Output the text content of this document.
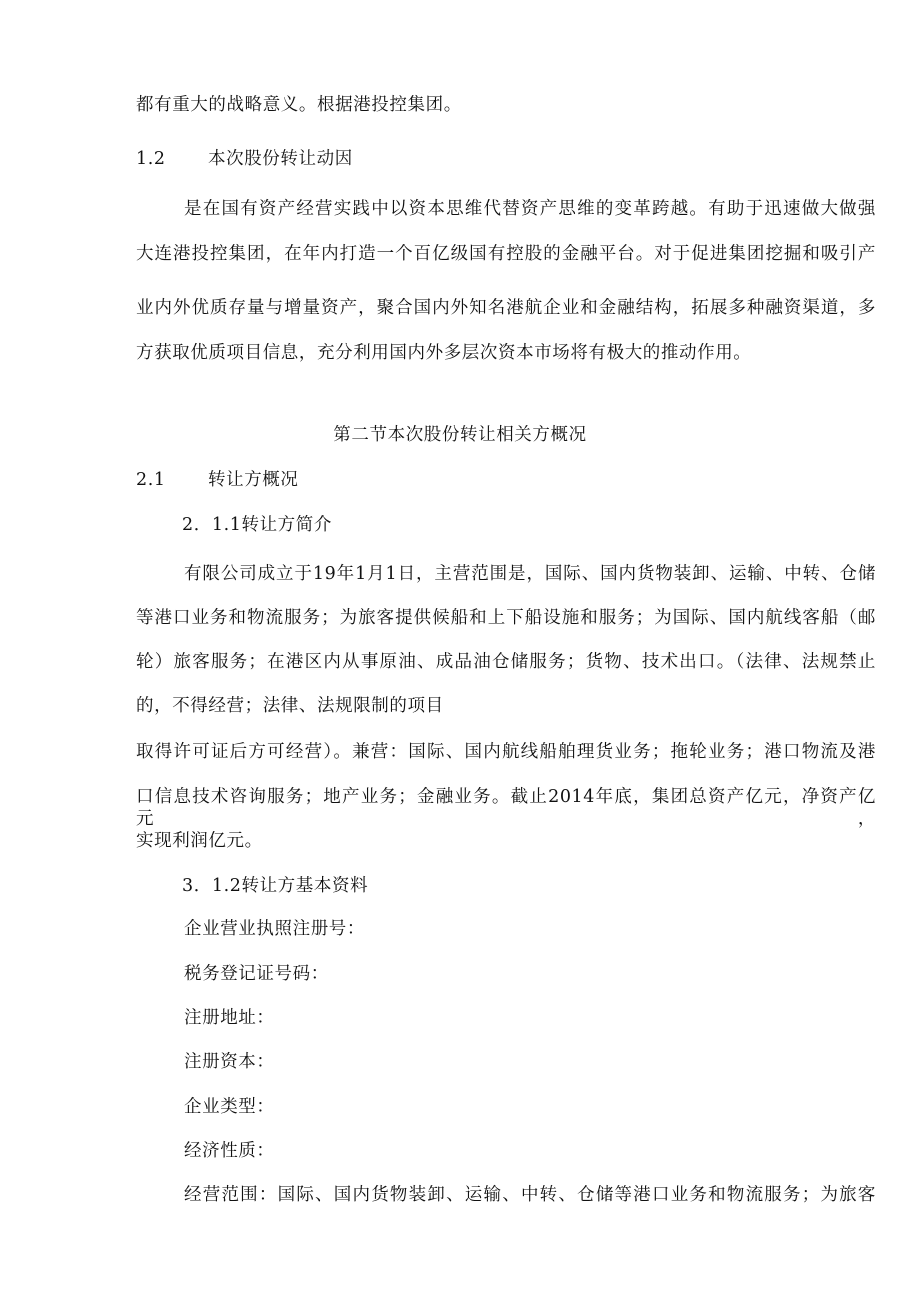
都有重大的战略意义。根据港投控集团。
1.2 本次股份转让动因
是在国有资产经营实践中以资本思维代替资产思维的变革跨越。有助于迅速做大做强
大连港投控集团，在年内打造一个百亿级国有控股的金融平台。对于促进集团挖掘和吸引产
业内外优质存量与增量资产，聚合国内外知名港航企业和金融结构，拓展多种融资渠道，多
方获取优质项目信息，充分利用国内外多层次资本市场将有极大的推动作用。
第二节本次股份转让相关方概况
2.1 转让方概况
2．1.1转让方简介
有限公司成立于19年1月1日，主营范围是，国际、国内货物装卸、运输、中转、仓储
等港口业务和物流服务；为旅客提供候船和上下船设施和服务；为国际、国内航线客船（邮
轮）旅客服务；在港区内从事原油、成品油仓储服务；货物、技术出口。（法律、法规禁止
的，不得经营；法律、法规限制的项目
取得许可证后方可经营）。兼营：国际、国内航线船舶理货业务；拖轮业务；港口物流及港
口信息技术咨询服务；地产业务；金融业务。截止2014年底，集团总资产亿元，净资产亿元，
实现利润亿元。
3．1.2转让方基本资料
企业营业执照注册号：
税务登记证号码：
注册地址：
注册资本：
企业类型：
经济性质：
经营范围：国际、国内货物装卸、运输、中转、仓储等港口业务和物流服务；为旅客
